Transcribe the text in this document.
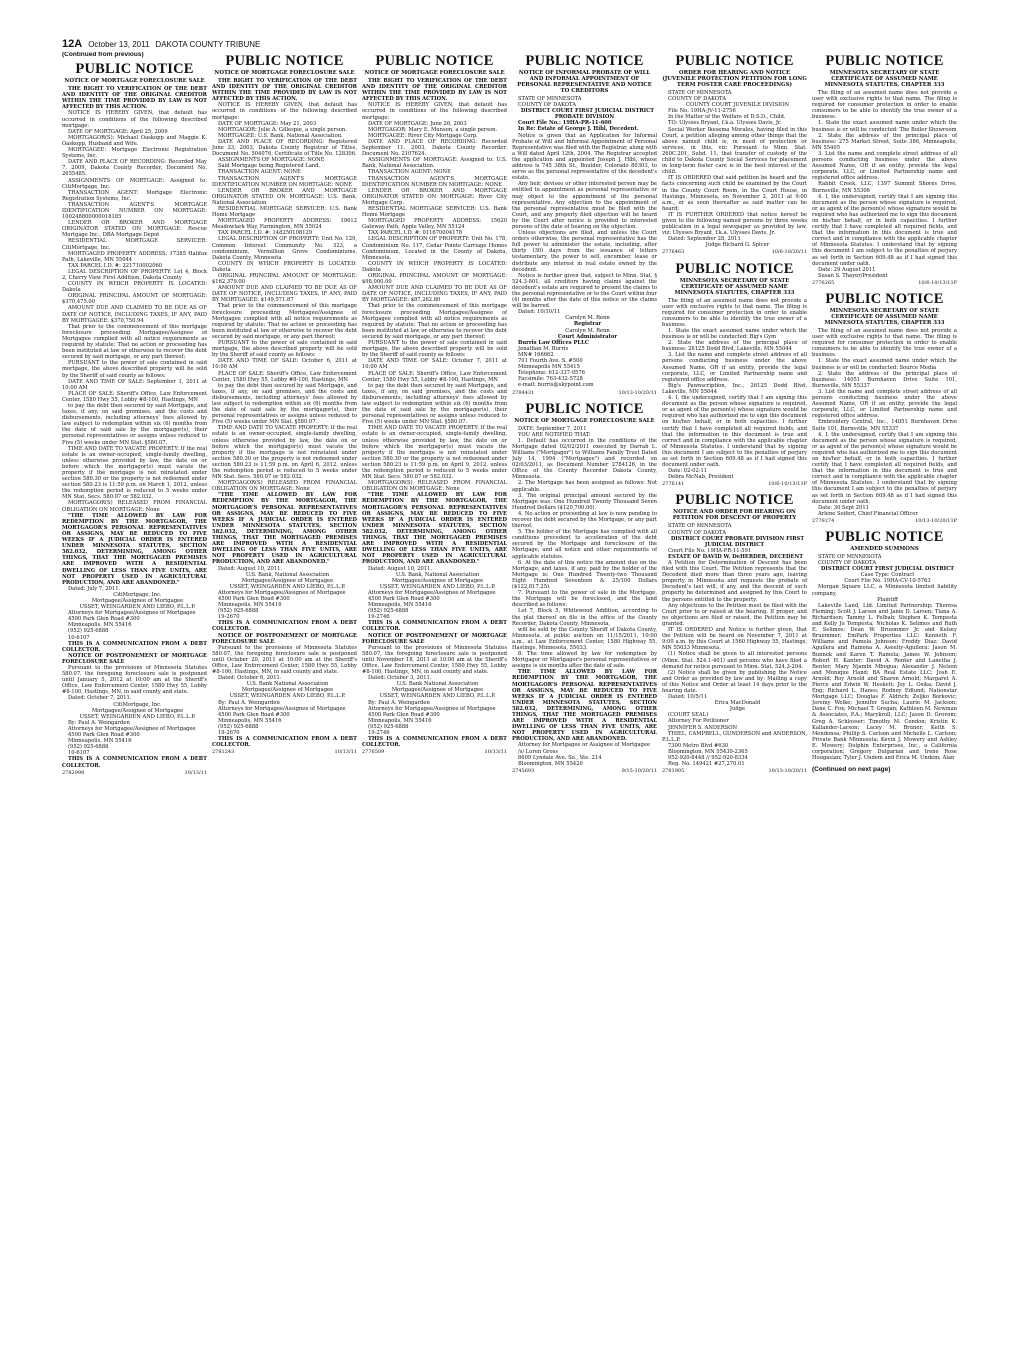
12A October 13, 2011 DAKOTA COUNTY TRIBUNE
(Continued from previous)
PUBLIC NOTICE
NOTICE OF MORTGAGE FORECLOSURE SALE
THE RIGHT TO VERIFICATION OF THE DEBT AND IDENTITY OF THE ORIGINAL CREDITOR WITHIN THE TIME PROVIDED BY LAW IS NOT AFFECTED BY THIS ACTION.
NOTICE IS HEREBY GIVEN, that default has occurred in conditions of the following described mortgage:
DATE OF MORTGAGE: April 25, 2009
MORTGAGOR(S): Michael Oaskopp and Maggie K. Oaskopp, Husband and Wife.
MORTGAGEE: Mortgage Electronic Registration Systems, Inc.
DATE AND PLACE OF RECORDING: Recorded May 7, 2009, Dakota County Recorder, Document No. 2655485.
ASSIGNMENTS OF MORTGAGE: Assigned to: CitiMortgage, Inc.
TRANSACTION AGENT: Mortgage Electronic Registration Systems, Inc.
TRANSACTION AGENT'S MORTGAGE IDENTIFICATION NUMBER ON MORTGAGE: 100248800000018185
LENDER OR BROKER AND MORTGAGE ORIGINATOR STATED ON MORTGAGE: Rescue Mortgage Inc., DBA Mortgage Depot
RESIDENTIAL MORTGAGE SERVICER: CitiMortgage, Inc.
MORTGAGED PROPERTY ADDRESS: 17385 Halifax Path, Lakeville, MN 55044
TAX PARCEL I.D. #: 221710002060
LEGAL DESCRIPTION OF PROPERTY: Lot 4, Block 2, Cherry View First Addition, Dakota County
COUNTY IN WHICH PROPERTY IS LOCATED: Dakota
ORIGINAL PRINCIPAL AMOUNT OF MORTGAGE: $370,475.00
AMOUNT DUE AND CLAIMED TO BE DUE AS OF DATE OF NOTICE, INCLUDING TAXES, IF ANY, PAID BY MORTGAGEE: $370,750.94
That prior to the commencement of this mortgage foreclosure proceeding Mortgagee/Assignee of Mortgagee complied with all notice requirements as required by statute; That no action or proceeding has been instituted at law or otherwise to recover the debt secured by said mortgage, or any part thereof;
PURSUANT to the power of sale contained in said mortgage, the above described property will be sold by the Sheriff of said county as follows:
DATE AND TIME OF SALE: September 1, 2011 at 10:00 AM
PLACE OF SALE: Sheriff's Office, Law Enforcement Center, 1580 Hwy 55, Lobby #8-100, Hastings, MN
to pay the debt then secured by said Mortgage, and taxes, if any, on said premises, and the costs and disbursements, including attorneys' fees allowed by law subject to redemption within six (6) months from the date of said sale by the mortgagor(s), their personal representatives or assigns unless reduced to Five (5) weeks under MN Stat. §580.07.
TIME AND DATE TO VACATE PROPERTY: If the real estate is an owner-occupied, single-family dwelling, unless otherwise provided by law, the date on or before which the mortgagor(s) must vacate the property if the mortgage is not reinstated under section 580.30 or the property is not redeemed under section 580.23 is 11:59 p.m. on March 1, 2012, unless the redemption period is reduced to 5 weeks under MN Stat. Secs. 580.07 or 582.032.
MORTGAGOR(S) RELEASED FROM FINANCIAL OBLIGATION ON MORTGAGE: None
"THE TIME ALLOWED BY LAW FOR REDEMPTION BY THE MORTGAGOR, THE MORTGAGOR'S PERSONAL REPRESENTATIVES OR ASSIGNS, MAY BE REDUCED TO FIVE WEEKS IF A JUDICIAL ORDER IS ENTERED UNDER MINNESOTA STATUTES, SECTION 582.032, DETERMINING, AMONG OTHER THINGS, THAT THE MORTGAGED PREMISES ARE IMPROVED WITH A RESIDENTIAL DWELLING OF LESS THAN FIVE UNITS, ARE NOT PROPERTY USED IN AGRICULTURAL PRODUCTION, AND ARE ABANDONED."
Dated: July 7, 2011.
CitiMortgage, Inc.
Mortgagee/Assignee of Mortgagee
USSET, WEINGARDEN AND LIEBO, P.L.L.P.
Attorneys for Mortgagee/Assignee of Mortgagee
4500 Park Glen Road #300
Minneapolis, MN 55416
(952) 925-6888
10-6107
THIS IS A COMMUNICATION FROM A DEBT COLLECTOR.
NOTICE OF POSTPONEMENT OF MORTGAGE FORECLOSURE SALE
Pursuant to the provisions of Minnesota Statutes 580.07, the foregoing foreclosure sale is postponed until January 5, 2012 at 10:00 am at the Sheriff's Office, Law Enforcement Center, 1580 Hwy 55, Lobby #8-100, Hastings, MN, in said county and state.
Dated: October 7, 2011.
CitiMortgage, Inc.
Mortgagee/Assignee of Mortgagee
USSET, WEINGARDEN AND LIEBO, P.L.L.P.
By: Paul A. Weingarden
Attorneys for Mortgagee/Assignee of Mortgagee
4500 Park Glen Road #300
Minneapolis, MN 55416
(952) 925-6888
10-6107
THIS IS A COMMUNICATION FROM A DEBT COLLECTOR.
2782998	10/13/11
PUBLIC NOTICE
NOTICE OF MORTGAGE FORECLOSURE SALE
THE RIGHT TO VERIFICATION OF THE DEBT AND IDENTITY OF THE ORIGINAL CREDITOR WITHIN THE TIME PROVIDED BY LAW IS NOT AFFECTED BY THIS ACTION.
NOTICE IS HEREBY GIVEN, that default has occurred in conditions of the following described mortgage:
DATE OF MORTGAGE: May 21, 2003
MORTGAGOR: Julie A. Gillespie, a single person.
MORTGAGEE: U.S. Bank, National Association.
DATE AND PLACE OF RECORDING: Registered June 23, 2003, Dakota County Registrar of Titles, Document No. 504076, Certificate of Title No. 128306.
ASSIGNMENTS OF MORTGAGE: NONE
Said Mortgage being Registered Land.
TRANSACTION AGENT: NONE
TRANSACTION AGENT'S MORTGAGE IDENTIFICATION NUMBER ON MORTGAGE: NONE
LENDER OR BROKER AND MORTGAGE ORIGINATOR STATED ON MORTGAGE: U.S. Bank, National Association
RESIDENTIAL MORTGAGE SERVICER: U.S. Bank Home Mortgage
MORTGAGED PROPERTY ADDRESS: 19612 Meadowlark Way, Farmington, MN 55024
TAX PARCEL I.D. #: 148250108129
LEGAL DESCRIPTION OF PROPERTY: Unit No. 129, Common Interest Community No. 323, a condominium, Vermillion Grove Condominiums, Dakota County, Minnesota
COUNTY IN WHICH PROPERTY IS LOCATED: Dakota
ORIGINAL PRINCIPAL AMOUNT OF MORTGAGE: $162,379.00
AMOUNT DUE AND CLAIMED TO BE DUE AS OF DATE OF NOTICE, INCLUDING TAXES, IF ANY, PAID BY MORTGAGEE: $149,571.87
That prior to the commencement of this mortgage foreclosure proceeding Mortgagee/Assignee of Mortgagee complied with all notice requirements as required by statute; That no action or proceeding has been instituted at law or otherwise to recover the debt secured by said mortgage, or any part thereof;
PURSUANT to the power of sale contained in said mortgage, the above described property will be sold by the Sheriff of said county as follows:
DATE AND TIME OF SALE: October 6, 2011 at 10:00 AM
PLACE OF SALE: Sheriff's Office, Law Enforcement Center, 1580 Hwy 55, Lobby #8-100, Hastings, MN
to pay the debt then secured by said Mortgage, and taxes, if any, on said premises, and the costs and disbursements, including attorneys' fees allowed by law subject to redemption within six (6) months from the date of said sale by the mortgagor(s), their personal representatives or assigns unless reduced to Five (5) weeks under MN Stat. §580.07.
TIME AND DATE TO VACATE PROPERTY: If the real estate is an owner-occupied, single-family dwelling, unless otherwise provided by law, the date on or before which the mortgagor(s) must vacate the property if the mortgage is not reinstated under section 580.30 or the property is not redeemed under section 580.23 is 11:59 p.m. on April 6, 2012, unless the redemption period is reduced to 5 weeks under MN Stat. Secs. 580.07 or 582.032.
MORTGAGOR(S) RELEASED FROM FINANCIAL OBLIGATION ON MORTGAGE: None
"THE TIME ALLOWED BY LAW FOR REDEMPTION BY THE MORTGAGOR, THE MORTGAGOR'S PERSONAL REPRESENTATIVES OR ASSIGNS, MAY BE REDUCED TO FIVE WEEKS IF A JUDICIAL ORDER IS ENTERED UNDER MINNESOTA STATUTES, SECTION 582.032, DETERMINING, AMONG OTHER THINGS, THAT THE MORTGAGED PREMISES ARE IMPROVED WITH A RESIDENTIAL DWELLING OF LESS THAN FIVE UNITS, ARE NOT PROPERTY USED IN AGRICULTURAL PRODUCTION, AND ARE ABANDONED."
Dated: August 10, 2011.
U.S. Bank, National Association
Mortgagee/Assignee of Mortgagee
USSET, WEINGARDEN AND LIEBO, P.L.L.P.
Attorneys for Mortgagee/Assignee of Mortgagee
4500 Park Glen Road #300
Minneapolis, MN 55416
(952) 925-6888
19-2670
THIS IS A COMMUNICATION FROM A DEBT COLLECTOR.
NOTICE OF POSTPONEMENT OF MORTGAGE FORECLOSURE SALE
Pursuant to the provisions of Minnesota Statutes 580.07, the foregoing foreclosure sale is postponed until October 20, 2011 at 10:00 am at the Sheriff's Office, Law Enforcement Center, 1580 Hwy 55, Lobby #8-100, Hastings, MN, in said county and state.
Dated: October 6, 2011.
U.S. Bank National Association
Mortgagee/Assignee of Mortgagee
USSET, WEINGARDEN AND LIEBO, P.L.L.P.
By: Paul A. Weingarden
Attorneys for Mortgagee/Assignee of Mortgagee
4500 Park Glen Road #300
Minneapolis, MN 55416
(952) 925-6888
19-2670
THIS IS A COMMUNICATION FROM A DEBT COLLECTOR.
2781243	10/13/11
PUBLIC NOTICE
NOTICE OF MORTGAGE FORECLOSURE SALE
THE RIGHT TO VERIFICATION OF THE DEBT AND IDENTITY OF THE ORIGINAL CREDITOR WITHIN THE TIME PROVIDED BY LAW IS NOT AFFECTED BY THIS ACTION.
NOTICE IS HEREBY GIVEN, that default has occurred in conditions of the following described mortgage:
DATE OF MORTGAGE: June 26, 2003
MORTGAGOR: Mary E. Munson, a single person.
MORTGAGEE: River City Mortgage Corp.
DATE AND PLACE OF RECORDING: Recorded September 11, 2003, Dakota County Recorder, Document No. 2107624.
ASSIGNMENTS OF MORTGAGE: Assigned to: U.S. Bank, National Association.
TRANSACTION AGENT: NONE
TRANSACTION AGENT'S MORTGAGE IDENTIFICATION NUMBER ON MORTGAGE: NONE
LENDER OR BROKER AND MORTGAGE ORIGINATOR STATED ON MORTGAGE: River City Mortgage Corp.
RESIDENTIAL MORTGAGE SERVICER: U.S. Bank Home Mortgage
MORTGAGED PROPERTY ADDRESS: 15620 Gateway Path, Apple Valley, MN 55124
TAX PARCEL I.D. #: 011670004178
LEGAL DESCRIPTION OF PROPERTY: Unit No. 178, Condominium No. 117, Cedar Pointe Carriage Homes Condominium, Located in the County of Dakota, Minnesota.
COUNTY IN WHICH PROPERTY IS LOCATED: Dakota
ORIGINAL PRINCIPAL AMOUNT OF MORTGAGE: $98,000.00
AMOUNT DUE AND CLAIMED TO BE DUE AS OF DATE OF NOTICE, INCLUDING TAXES, IF ANY, PAID BY MORTGAGEE: $87,262.80
That prior to the commencement of this mortgage foreclosure proceeding Mortgagee/Assignee of Mortgagee complied with all notice requirements as required by statute; That no action or proceeding has been instituted at law or otherwise to recover the debt secured by said mortgage, or any part thereof;
PURSUANT to the power of sale contained in said mortgage, the above described property will be sold by the Sheriff of said county as follows:
DATE AND TIME OF SALE: October 7, 2011 at 10:00 AM
PLACE OF SALE: Sheriff's Office, Law Enforcement Center, 1580 Hwy 55, Lobby #8-100, Hastings, MN
to pay the debt then secured by said Mortgage, and taxes, if any, on said premises, and the costs and disbursements, including attorneys' fees allowed by law subject to redemption within six (6) months from the date of said sale by the mortgagor(s), their personal representatives or assigns unless reduced to Five (5) weeks under MN Stat. §580.07.
TIME AND DATE TO VACATE PROPERTY: If the real estate is an owner-occupied, single-family dwelling, unless otherwise provided by law, the date on or before which the mortgagor(s) must vacate the property if the mortgage is not reinstated under section 580.30 or the property is not redeemed under section 580.23 is 11:59 p.m. on April 9, 2012, unless the redemption period is reduced to 5 weeks under MN Stat. Secs. 580.07 or 582.032.
MORTGAGOR(S) RELEASED FROM FINANCIAL OBLIGATION ON MORTGAGE: None
"THE TIME ALLOWED BY LAW FOR REDEMPTION BY THE MORTGAGOR, THE MORTGAGOR'S PERSONAL REPRESENTATIVES OR ASSIGNS, MAY BE REDUCED TO FIVE WEEKS IF A JUDICIAL ORDER IS ENTERED UNDER MINNESOTA STATUTES, SECTION 582.032, DETERMINING, AMONG OTHER THINGS, THAT THE MORTGAGED PREMISES ARE IMPROVED WITH A RESIDENTIAL DWELLING OF LESS THAN FIVE UNITS, ARE NOT PROPERTY USED IN AGRICULTURAL PRODUCTION, AND ARE ABANDONED."
Dated: August 10, 2011.
U.S. Bank, National Association
Mortgagee/Assignee of Mortgagee
USSET, WEINGARDEN AND LIEBO, P.L.L.P.
Attorneys for Mortgagee/Assignee of Mortgagee
4500 Park Glen Road #300
Minneapolis, MN 55416
(952) 925-6888
19-2746
THIS IS A COMMUNICATION FROM A DEBT COLLECTOR.
NOTICE OF POSTPONEMENT OF MORTGAGE FORECLOSURE SALE
Pursuant to the provisions of Minnesota Statutes 580.07, the foregoing foreclosure sale is postponed until November 18, 2011 at 10:00 am at the Sheriff's Office, Law Enforcement Center, 1580 Hwy 55, Lobby #8-100, Hastings, MN, in said county and state.
Dated: October 3, 2011.
U.S. Bank National Association
Mortgagee/Assignee of Mortgagee
USSET, WEINGARDEN AND LIEBO, P.L.L.P.
By: Paul A. Weingarden
Attorneys for Mortgagee/Assignee of Mortgagee
4500 Park Glen Road #300
Minneapolis, MN 55416
(952) 925-6888
19-2746
THIS IS A COMMUNICATION FROM A DEBT COLLECTOR.
2776509	10/13/11
PUBLIC NOTICE
NOTICE OF INFORMAL PROBATE OF WILL AND INFORMAL APPOINTMENT OF PERSONAL REPRESENTATIVE AND NOTICE TO CREDITORS
STATE OF MINNESOTA
COUNTY OF DAKOTA
DISTRICT COURT FIRST JUDICIAL DISTRICT PROBATE DIVISION
Court File No.: 19HA-PR-11-600
In Re: Estate of George J. Hibl, Decedent.
Notice is given that an Application for Informal Probate of Will and Informal Appointment of Personal Representative was filed with the Registrar, along with a Will dated April 12th, 2004. The Registrar accepted the application and appointed Joseph J. Hibl, whose address is 745 38th St., Boulder, Colorado 80303, to serve as the personal representative of the decedent's estate.
Any heir, devisee or other interested person may be entitled to appointment as personal representative or may object to the appointment of the personal representative. Any objection to the appointment of the personal representative must be filed with the Court, and any properly filed objection will be heard by the Court after notice is provided to interested persons of the date of hearing on the objection.
Unless objections are filed, and unless the Court orders otherwise, the personal representative has the full power to administer the estate, including, after thirty (30) days from the issuance of letters testamentary, the power to sell, encumber, lease or distribute any interest in real estate owned by the decedent.
Notice is further given that, subject to Minn. Stat. § 524.3-801, all creditors having claims against the decedent's estate are required to present the claims to the personal representative or to the Court within four (4) months after the date of this notice or the claims will be barred.
Dated: 10/10/11
Carolyn M. Renn
Registrar
Carolyn M. Renn
Court Administrator
Burris Law Offices PLLC
Jonathan M. Burris
MN# 166662
701 Fourth Ave. S. #500
Minneapolis MN 55415
Telephone: 612-337-9576
Facsimile: 763-432-5728
e-mail: burris@skypoint.com
2784431	10/13-10/20/11
PUBLIC NOTICE
NOTICE OF MORTGAGE FORECLOSURE SALE
DATE: September 7, 2011
YOU ARE NOTIFIED THAT:
1. Default has occurred in the conditions of the Mortgage dated 02/02/2011 executed by Darrah L. Williams ("Mortgagor") to Williams Family Trust Dated July 14, 1994 ("Mortgagee") and recorded on 02/03/2011, as Document Number 2784126, in the Office of the County Recorder Dakota County, Minnesota.
2. The Mortgage has been assigned as follows: Not applicable.
3. The original principal amount secured by the Mortgage was: One Hundred Twenty Thousand Seven Hundred Dollars ($120,700.00).
4. No action or proceeding at law is now pending to recover the debt secured by the Mortgage, or any part thereof.
5. The holder of the Mortgage has complied with all conditions precedent to acceleration of the debt secured by the Mortgage and foreclosure of the Mortgage, and all notice and other requirements of applicable statutes.
6. At the date of this notice the amount due on the Mortgage, and taxes, if any, paid by the holder of the Mortgage is: One Hundred Twenty-two Thousand Eight Hundred Seventeen & 25/100 Dollars ($122,817.25).
7. Pursuant to the power of sale in the Mortgage, the Mortgage will be foreclosed, and the land described as follows:
Lot 7, Block 5, Whitewood Addition, according to the plat thereof on file in the office of the County Recorder, Dakota County, Minnesota,
will be sold by the County Sheriff of Dakota County, Minnesota, at public auction on 11/15/2011, 10:00 a.m., at Law Enforcement Center, 1580 Highway 55, Hastings, Minnesota, 55033.
8. The time allowed by law for redemption by Mortgagor or Mortgagor's personal representatives or assigns is six months after the date of sale.
THE TIME ALLOWED BY LAW FOR REDEMPTION BY THE MORTGAGOR, THE MORTGAGOR'S PERSONAL REPRESENTATIVES OR ASSIGNS, MAY BE REDUCED TO FIVE WEEKS IF A JUDICIAL ORDER IS ENTERED UNDER MINNESOTA STATUTES, SECTION 582.032, DETERMINING, AMONG OTHER THINGS, THAT THE MORTGAGED PREMISES ARE IMPROVED WITH A RESIDENTIAL DWELLING OF LESS THAN FIVE UNITS, ARE NOT PROPERTY USED IN AGRICULTURAL PRODUCTION, AND ARE ABANDONED.
Attorney for Mortgagee or Assignee of Mortgagee
/s/ Loren Gross
8609 Lyndale Ave. So., Ste. 214
Bloomington, MN 55420
2745693	9/15-10/20/11
PUBLIC NOTICE
ORDER FOR HEARING AND NOTICE (JUVENILE PROTECTION PETITION FOR LONG TERM FOSTER CARE PROCEEDINGS)
STATE OF MINNESOTA
COUNTY OF DAKOTA
COUNTY COURT JUVENILE DIVISION
File No. 19HA-JV-11-2756
In the Matter of the Welfare of D.S.D., Child.
TO: Ulysses Bryant, f.k.a. Ulysses Davis, Jr.
Social Worker Ikesema Morales, having filed in this Court, a petition alleging among other things that the above named child is, in need of protection or services, in this, viz: Pursuant to Minn. Stat. 260C.201, Subd. 11, that transfer of custody of the child to Dakota County Social Services for placement in long-term foster care is in the best interest of the child.
IT IS ORDERED that said petition be heard and the facts concerning such child be examined by the Court in the County Court Room, in the Court House, in Hastings, Minnesota, on November 2, 2011 at 9:00 a.m., or as soon thereafter as said matter can be heard;
IT IS FURTHER ORDERED that notice hereof be given to the following named persons by three weeks publication in a legal newspaper as provided by law, viz: Ulysses Bryant, f.k.a. Ulysses Davis, Jr.
Dated: September 28, 2011
Judge Richard G. Spicer
2776463	10/6-10/20/11
PUBLIC NOTICE
MINNESOTA SECRETARY OF STATE CERTIFICATE OF ASSUMED NAME MINNESOTA STATUTES, CHAPTER 333
The filing of an assumed name does not provide a user with exclusive rights to that name. The filing is required for consumer protection in order to enable consumers to be able to identify the true owner of a business.
1. State the exact assumed name under which the business is or will be conducted: Big's Gym
2. State the address of the principal place of business: 26125 Dodd Blvd, Lakeville, MN 55044
3. List the name and complete street address of all persons conducting business under the above Assumed Name, OR if an entity, provide the legal corporate, LLC, or Limited Partnership name and registered office address.
Big's Pawnscription, Inc., 26125 Dodd Blvd, Lakeville, MN 55044
4. I, the undersigned, certify that I am signing this document as the person whose signature is required, or as agent of the person(s) whose signature would be required who has authorized me to sign this document on his/her behalf, or in both capacities. I further certify that I have completed all required fields, and that the information in this document is true and correct and in compliance with the applicable chapter of Minnesota Statutes. I understand that by signing this document I am subject to the penalties of perjury as set forth in Section 609.48 as if I had signed this document under oath.
Date: 02-02-11
Debra McNab, President
2776141	10/6-10/13/11P
PUBLIC NOTICE
NOTICE AND ORDER FOR HEARING ON PETITION FOR DESCENT OF PROPERTY
STATE OF MINNESOTA
COUNTY OF DAKOTA
DISTRICT COURT PROBATE DIVISION FIRST JUDICIAL DISTRICT
Court File No. 19HA-PR-11-591
ESTATE OF DAVID W. DeHERDER, DECEDENT
A Petition for Determination of Descent has been filed with this Court. The Petition represents that the Decedent died more than three years ago, leaving property in Minnesota and requests the probate of Decedent's last will, if any, and the descent of such property be determined and assigned by this Court to the persons entitled to the property.
Any objections to the Petition must be filed with the Court prior to or raised at the hearing. If proper, and no objections are filed or raised, the Petition may be granted.
IT IS ORDERED and Notice is further given, that the Petition will be heard on November 7, 2011 at 9:00 a.m. by this Court at 1560 Highway 55, Hastings, MN 55033 Minnesota.
(1) Notice shall be given to all interested persons (Minn. Stat. 524.1-401) and persons who have filed a demand for notice pursuant to Minn. Stat. 524.3-204.
(2) Notice shall be given by publishing the Notice and Order as provided by law and by: Mailing a copy of this Notice and Order at least 14 days prior to the hearing date.
Dated: 10/5/11
Erica MacDonald
Judge
(COURT SEAL)
Attorney For Petitioner
JENNIFER S. ANDERSON
THIEL, CAMPBELL, GUNDERSON and ANDERSON, P.L.L.P.
7300 Metro Blvd #630
Bloomington, MN 55439-2365
952-920-8448 // 952-920-8334
Reg. No. 149421 #27,270.01
2781905	10/13-10/20/11
PUBLIC NOTICE
MINNESOTA SECRETARY OF STATE CERTIFICATE OF ASSUMED NAME MINNESOTA STATUTES, CHAPTER 333
The filing of an assumed name does not provide a user with exclusive rights to that name. The filing is required for consumer protection in order to enable consumers to be able to identify the true owner of a business.
1. State the exact assumed name under which the business is or will be conducted: The Boiler Showroom
2. State the address of the principal place of business: 275 Market Street, Suite 386, Minneapolis, MN 55405
3. List the name and complete street address of all persons conducting business under the above Assumed Name, OR if an entity, provide the legal corporate, LLC, or Limited Partnership name and registered office address.
Rabbit Creek, LLC, 1397 Summit Shores Drive, Burnsville, MN 55306
4. I, the undersigned, certify that I am signing this document as the person whose signature is required, or as agent of the person(s) whose signature would be required who has authorized me to sign this document on his/her behalf, or in both capacities. I further certify that I have completed all required fields, and that the information in this document is true and correct and in compliance with the applicable chapter of Minnesota Statutes. I understand that by signing this document I am subject to the penalties of perjury as set forth in Section 609.48 as if I had signed this document under oath.
Date: 29 August 2011
Susan S. Thayer/President
2776265	10/6-10/13/11P
PUBLIC NOTICE
MINNESOTA SECRETARY OF STATE CERTIFICATE OF ASSUMED NAME MINNESOTA STATUTES, CHAPTER 333
The filing of an assumed name does not provide a user with exclusive rights to that name. The filing is required for consumer protection in order to enable consumers to be able to identify the true owner of a business.
1. State the exact assumed name under which the business is or will be conducted: Source Media
2. State the address of the principal place of business: 14051 Burnhaven Drive Suite 101, Burnsville, MN 55337
3. List the name and complete street address of all persons conducting business under the above Assumed Name, OR if an entity, provide the legal corporate, LLC, or Limited Partnership name and registered office address.
Embroidery Central, Inc., 14051 Burnhaven Drive Suite 101, Burnsville, MN 55337
4. I, the undersigned, certify that I am signing this document as the person whose signature is required, or as agent of the person(s) whose signature would be required who has authorized me to sign this document on his/her behalf, or in both capacities. I further certify that I have completed all required fields, and that the information in this document is true and correct and in compliance with the applicable chapter of Minnesota Statutes. I understand that by signing this document I am subject to the penalties of perjury as set forth in Section 609.48 as if I had signed this document under oath.
Date: 30 Sept 2011
Arlene Seifert, Chief Financial Officer
2779274	10/13-10/20/11P
PUBLIC NOTICE
AMENDED SUMMONS
STATE OF MINNESOTA
COUNTY OF DAKOTA
DISTRICT COURT FIRST JUDICIAL DISTRICT
Case Type: Contract
Court File No. 19HA-CV-10-5763
Morgan Square LLC, a Minnesota limited liability company,
Plaintiff
Lakeville Land, Ltd. Limited Partnership; Theresa Fleming; Scott J. Larsen and Janie D. Larsen; Tiana A. Richardson; Tammy L. Felbab; Stephen K. Tempesta and Kelly Jo Tempesta; Nicholas K. Selimos and Ruth E. Selimos; Dean W. Bruemmer Jr. and Kelsey Bruemmer; EmPark Properties LLC; Kenneth F. Williams and Pamela Johnson; Freddy Diaz; David Aguilera and Ramona A. Aseelty-Aguilera; Jason M. Bunnek and Karen T. Ramola; James W. Johnson; Robert H. Kanter; David A. Renter and Lanetha J. Renter; Mary Njambi Mbogua; Alexander J. Nelson and Monique Hand; BA Real Estate LLC; Josh E. Arnold; Roy Arnold and Sharon Arnold; Margaret A. Pierce and Edwin W. Heskett; Joy L. Osika; David J. Eng; Richard L. Hanes; Rodney Edlund; Nationstar Mortgage LLC; Douglas F. Aldrich; Zeljko Borkovic; Jeremy Welke; Jennifer Sucha; Laurie M. Jackson; Dane C. Fox; Michael T. Gregan; Kathleen M. Newman & Associates, P.A.; Marykroll, LLC; Jason D. Grovom; Greg A. Schlosser; Timothy M. Condon; Kristin K. Kallander-Larson; Lacey M. Bruner; Keith S. Mendonsa; Phillip S. Carlson and Michelle L. Carlson; Private Bank Minnesota; Kevin J. Mowery and Ashley E. Mowery; Dolphin Enterprises, Inc., a California corporation; Gregory Dulgarian and Irene Rose Hougasian; Tyler J. Undem and Erica M. Undem; Alan
(Continued on next page)
